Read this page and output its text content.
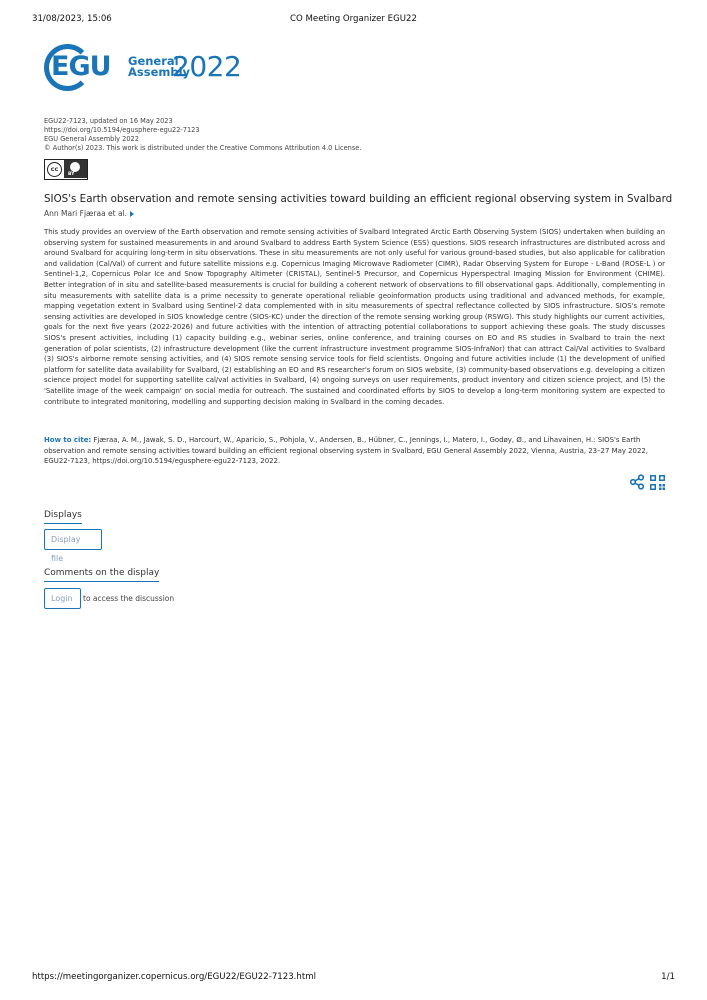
31/08/2023, 15:06	CO Meeting Organizer EGU22
EGU General
Assembly
2022
EGU22-7123, updated on 16 May 2023
https://doi.org/10.5194/egusphere-egu22-7123
EGU General Assembly 2022
© Author(s) 2023. This work is distributed under the Creative Commons Attribution 4.0 License.
cc
BY
SIOS's Earth observation and remote sensing activities toward building an efficient regional observing system in Svalbard
Ann Mari Fjæraa et al.
This study provides an overview of the Earth observation and remote sensing activities of Svalbard Integrated Arctic Earth Observing System (SIOS) undertaken when building an observing system for sustained measurements in and around Svalbard to address Earth System Science (ESS) questions. SIOS research infrastructures are distributed across and around Svalbard for acquiring long-term in situ observations. These in situ measurements are not only useful for various ground-based studies, but also applicable for calibration and validation (Cal/Val) of current and future satellite missions e.g. Copernicus Imaging Microwave Radiometer (CIMR), Radar Observing System for Europe - L-Band (ROSE-L ) or Sentinel-1,2, Copernicus Polar Ice and Snow Topography Altimeter (CRISTAL), Sentinel-5 Precursor, and Copernicus Hyperspectral Imaging Mission for Environment (CHIME). Better integration of in situ and satellite-based measurements is crucial for building a coherent network of observations to fill observational gaps. Additionally, complementing in situ measurements with satellite data is a prime necessity to generate operational reliable geoinformation products using traditional and advanced methods, for example, mapping vegetation extent in Svalbard using Sentinel-2 data complemented with in situ measurements of spectral reflectance collected by SIOS infrastructure. SIOS's remote sensing activities are developed in SIOS knowledge centre (SIOS-KC) under the direction of the remote sensing working group (RSWG). This study highlights our current activities, goals for the next five years (2022-2026) and future activities with the intention of attracting potential collaborations to support achieving these goals. The study discusses SIOS's present activities, including (1) capacity building e.g., webinar series, online conference, and training courses on EO and RS studies in Svalbard to train the next generation of polar scientists, (2) infrastructure development (like the current infrastructure investment programme SIOS-InfraNor) that can attract Cal/Val activities to Svalbard (3) SIOS's airborne remote sensing activities, and (4) SIOS remote sensing service tools for field scientists. Ongoing and future activities include (1) the development of unified platform for satellite data availability for Svalbard, (2) establishing an EO and RS researcher's forum on SIOS website, (3) community-based observations e.g. developing a citizen science project model for supporting satellite cal/val activities in Svalbard, (4) ongoing surveys on user requirements, product inventory and citizen science project, and (5) the 'Satellite image of the week campaign' on social media for outreach. The sustained and coordinated efforts by SIOS to develop a long-term monitoring system are expected to contribute to integrated monitoring, modelling and supporting decision making in Svalbard in the coming decades.
How to cite: Fjæraa, A. M., Jawak, S. D., Harcourt, W., Aparicio, S., Pohjola, V., Andersen, B., Hübner, C., Jennings, I., Matero, I., Godøy, Ø., and Lihavainen, H.: SIOS's Earth observation and remote sensing activities toward building an efficient regional observing system in Svalbard, EGU General Assembly 2022, Vienna, Austria, 23–27 May 2022, EGU22-7123, https://doi.org/10.5194/egusphere-egu22-7123, 2022.
Displays
Display file
Comments on the display
Login	to access the discussion
https://meetingorganizer.copernicus.org/EGU22/EGU22-7123.html	1/1
